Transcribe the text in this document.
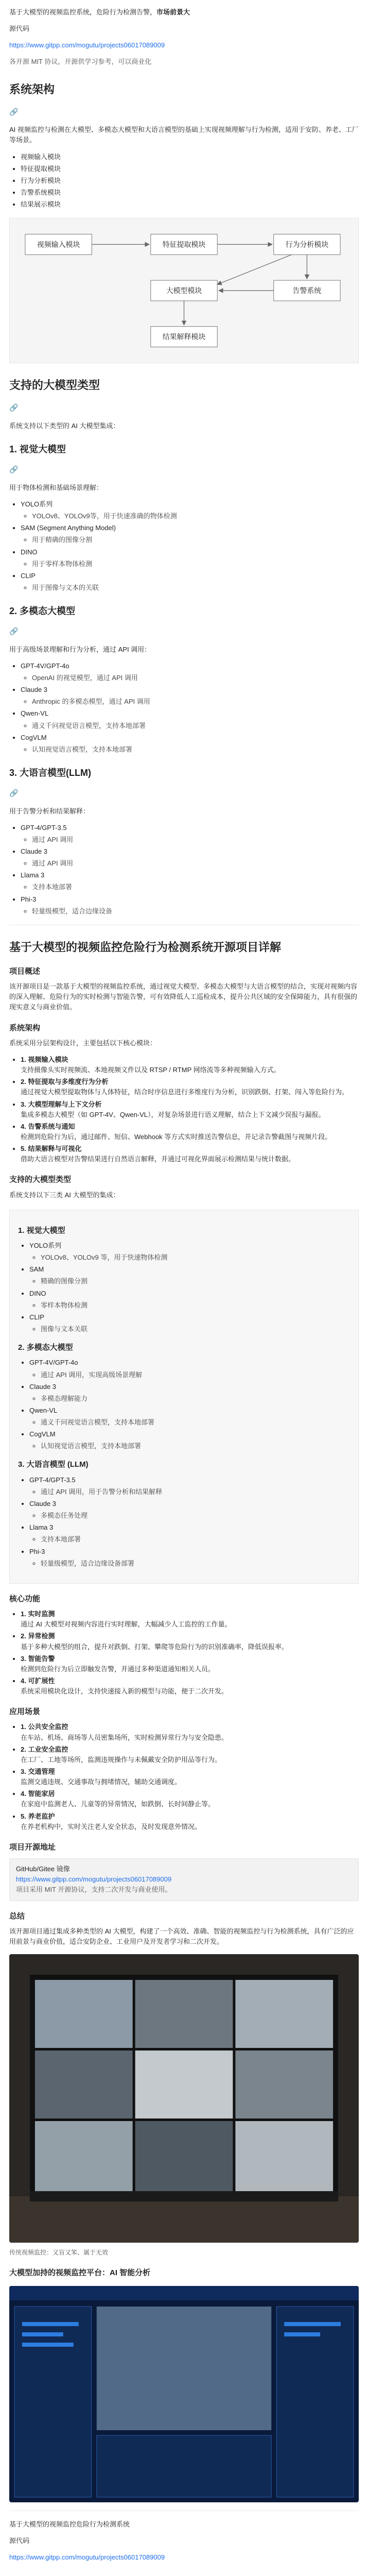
基于大模型的视频监控系统，危险行为检测告警，市场前景大

源代码

https://www.gitpp.com/mogutu/projects06017089009

各开源 MIT 协议，开源供学习参考，可以商业化

系统架构
🔗

AI 视频监控与检测在大模型、多模态大模型和大语言模型的基础上实现视频理解与行为检测，适用于安防、养老、工厂等场景。

• 视频输入模块
• 特征提取模块
• 行为分析模块
• 告警系统模块
• 结果展示模块
视频输入模块	特征提取模块	行为分析模块
大模型模块	告警系统
结果解释模块
支持的大模型类型
🔗

系统支持以下类型的 AI 大模型集成：

1. 视觉大模型
🔗

用于物体检测和基础场景理解：

• YOLO系列
◦ YOLOv8、YOLOv9等，用于快速准确的物体检测
• SAM (Segment Anything Model)
◦ 用于精确的图像分割
• DINO
◦ 用于零样本物体检测
• CLIP
◦ 用于图像与文本的关联
2. 多模态大模型
🔗

用于高级场景理解和行为分析，通过 API 调用：

• GPT-4V/GPT-4o
◦ OpenAI 的视觉模型，通过 API 调用
• Claude 3
◦ Anthropic 的多模态模型，通过 API 调用
• Qwen-VL
◦ 通义千问视觉语言模型，支持本地部署
• CogVLM
◦ 认知视觉语言模型，支持本地部署
3. 大语言模型(LLM)
🔗

用于告警分析和结果解释：

• GPT-4/GPT-3.5
◦ 通过 API 调用
• Claude 3
◦ 通过 API 调用
• Llama 3
◦ 支持本地部署
• Phi-3
◦ 轻量级模型，适合边缘设备
基于大模型的视频监控危险行为检测系统开源项目详解
项目概述

该开源项目是一款基于大模型的视频监控系统，通过视觉大模型、多模态大模型与大语言模型的结合，实现对视频内容的深入理解、危险行为的实时检测与智能告警，可有效降低人工巡检成本，提升公共区域的安全保障能力，具有很强的现实意义与商业价值。

系统架构

系统采用分层架构设计，主要包括以下核心模块：

• 1. 视频输入模块
支持摄像头实时视频流、本地视频文件以及 RTSP / RTMP 网络流等多种视频输入方式。
• 2. 特征提取与多维度行为分析
通过视觉大模型提取物体与人体特征，结合时序信息进行多维度行为分析，识别跌倒、打架、闯入等危险行为。
• 3. 大模型理解与上下文分析
集成多模态大模型（如 GPT-4V、Qwen-VL），对复杂场景进行语义理解，结合上下文减少误报与漏报。
• 4. 告警系统与通知
检测到危险行为后，通过邮件、短信、Webhook 等方式实时推送告警信息，并记录告警截图与视频片段。
• 5. 结果解释与可视化
借助大语言模型对告警结果进行自然语言解释，并通过可视化界面展示检测结果与统计数据。
支持的大模型类型

系统支持以下三类 AI 大模型的集成：

1. 视觉大模型
• YOLO系列
◦ YOLOv8、YOLOv9 等，用于快速物体检测
• SAM
◦ 精确的图像分割
• DINO
◦ 零样本物体检测
• CLIP
◦ 图像与文本关联
2. 多模态大模型
• GPT-4V/GPT-4o
◦ 通过 API 调用，实现高级场景理解
• Claude 3
◦ 多模态理解能力
• Qwen-VL
◦ 通义千问视觉语言模型，支持本地部署
• CogVLM
◦ 认知视觉语言模型，支持本地部署
3. 大语言模型 (LLM)
• GPT-4/GPT-3.5
◦ 通过 API 调用，用于告警分析和结果解释
• Claude 3
◦ 多模态任务处理
• Llama 3
◦ 支持本地部署
• Phi-3
◦ 轻量级模型，适合边缘设备部署
核心功能
• 1. 实时监测
通过 AI 大模型对视频内容进行实时理解，大幅减少人工监控的工作量。
• 2. 异常检测
基于多种大模型的组合，提升对跌倒、打架、攀爬等危险行为的识别准确率，降低误报率。
• 3. 智能告警
检测到危险行为后立即触发告警，并通过多种渠道通知相关人员。
• 4. 可扩展性
系统采用模块化设计，支持快速接入新的模型与功能，便于二次开发。
应用场景
• 1. 公共安全监控
在车站、机场、商场等人员密集场所，实时检测异常行为与安全隐患。
• 2. 工业安全监控
在工厂、工地等场所，监测违规操作与未佩戴安全防护用品等行为。
• 3. 交通管理
监测交通违规、交通事故与拥堵情况，辅助交通调度。
• 4. 智能家居
在家庭中监测老人、儿童等的异常情况，如跌倒、长时间静止等。
• 5. 养老监护
在养老机构中，实时关注老人安全状态，及时发现意外情况。
项目开源地址
GitHub/Gitee 镜像
https://www.gitpp.com/mogutu/projects06017089009
项目采用 MIT 开源协议，支持二次开发与商业使用。
总结

该开源项目通过集成多种类型的 AI 大模型，构建了一个高效、准确、智能的视频监控与行为检测系统，具有广泛的应用前景与商业价值，适合安防企业、工业用户及开发者学习和二次开发。

传统视频监控：又盲又笨、属于无效
大模型加持的视频监控平台：AI 智能分析

基于大模型的视频监控危险行为检测系统

源代码

https://www.gitpp.com/mogutu/projects06017089009
